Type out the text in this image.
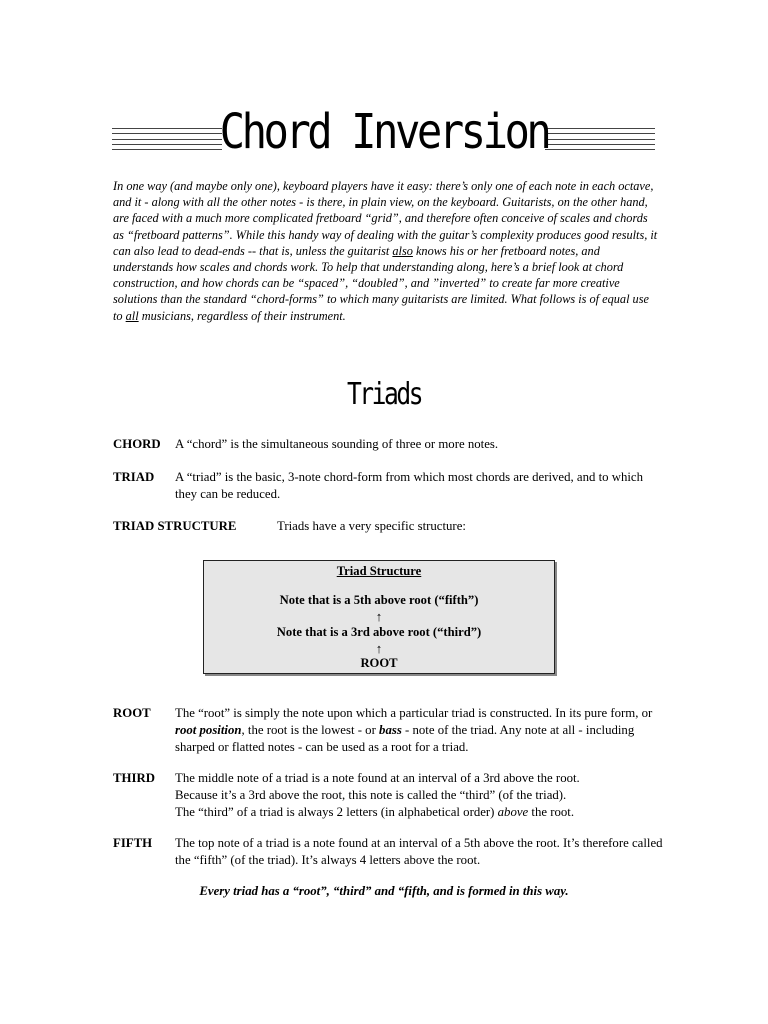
Chord Inversion
In one way (and maybe only one), keyboard players have it easy: there’s only one of each note in each octave, and it - along with all the other notes - is there, in plain view, on the keyboard. Guitarists, on the other hand, are faced with a much more complicated fretboard “grid”, and therefore often conceive of scales and chords as “fretboard patterns”. While this handy way of dealing with the guitar’s complexity produces good results, it can also lead to dead-ends -- that is, unless the guitarist also knows his or her fretboard notes, and understands how scales and chords work. To help that understanding along, here’s a brief look at chord construction, and how chords can be “spaced”, “doubled”, and ”inverted” to create far more creative solutions than the standard “chord-forms” to which many guitarists are limited. What follows is of equal use to all musicians, regardless of their instrument.
Triads
CHORD A “chord” is the simultaneous sounding of three or more notes.
TRIAD A “triad” is the basic, 3-note chord-form from which most chords are derived, and to which they can be reduced.
TRIAD STRUCTURE	Triads have a very specific structure:
Triad Structure
Note that is a 5th above root (“fifth”)
↑
Note that is a 3rd above root (“third”)
↑
ROOT
ROOT The “root” is simply the note upon which a particular triad is constructed. In its pure form, or root position, the root is the lowest - or bass - note of the triad. Any note at all - including sharped or flatted notes - can be used as a root for a triad.
THIRD The middle note of a triad is a note found at an interval of a 3rd above the root.
Because it’s a 3rd above the root, this note is called the “third” (of the triad).
The “third” of a triad is always 2 letters (in alphabetical order) above the root.
FIFTH The top note of a triad is a note found at an interval of a 5th above the root. It’s therefore called the “fifth” (of the triad). It’s always 4 letters above the root.
Every triad has a “root”, “third” and “fifth, and is formed in this way.
